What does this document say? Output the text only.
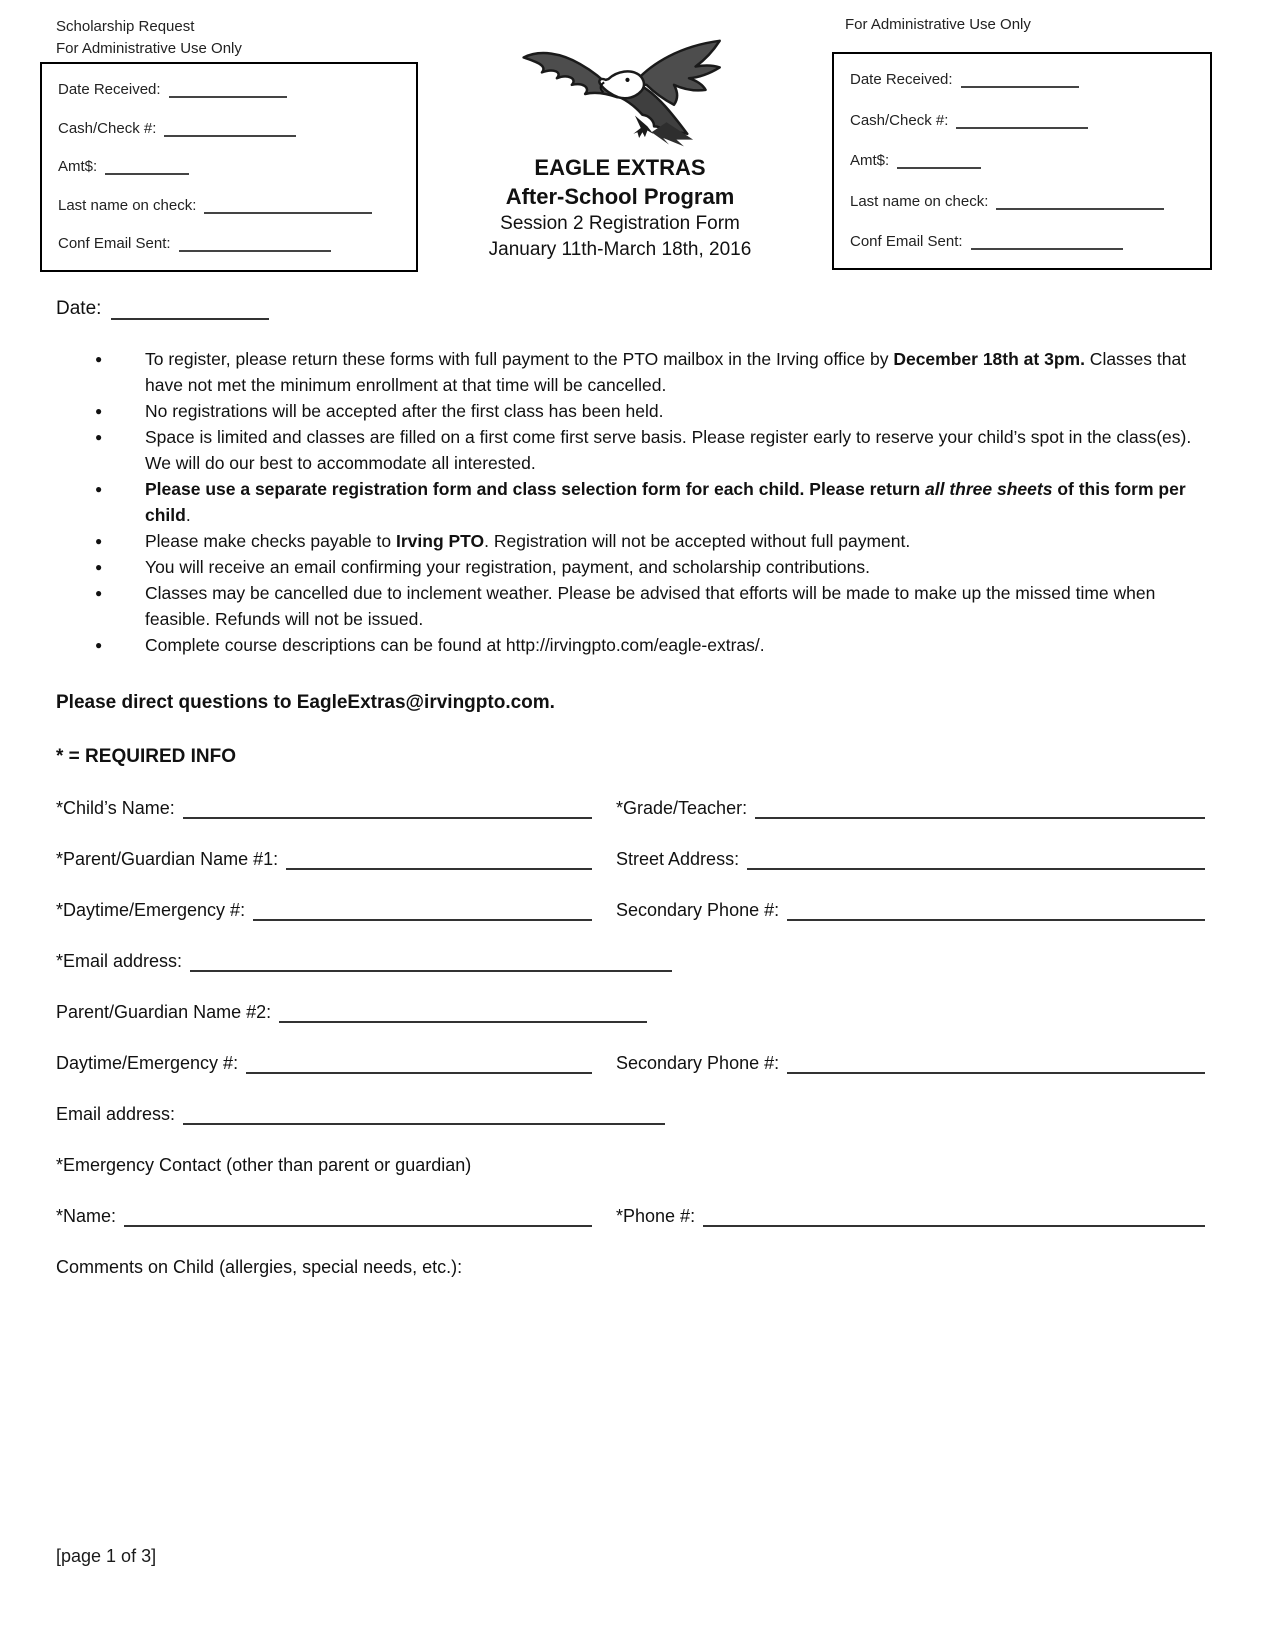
Scholarship Request
For Administrative Use Only
Date Received:
Cash/Check #:
Amt$:
Last name on check:
Conf Email Sent:
EAGLE EXTRAS
After-School Program
Session 2 Registration Form
January 11th-March 18th, 2016
For Administrative Use Only
Date Received:
Cash/Check #:
Amt$:
Last name on check:
Conf Email Sent:
Date:
● To register, please return these forms with full payment to the PTO mailbox in the Irving office by December 18th at 3pm. Classes that have not met the minimum enrollment at that time will be cancelled.
● No registrations will be accepted after the first class has been held.
● Space is limited and classes are filled on a first come first serve basis. Please register early to reserve your child’s spot in the class(es). We will do our best to accommodate all interested.
● Please use a separate registration form and class selection form for each child. Please return all three sheets of this form per child.
● Please make checks payable to Irving PTO. Registration will not be accepted without full payment.
● You will receive an email confirming your registration, payment, and scholarship contributions.
● Classes may be cancelled due to inclement weather. Please be advised that efforts will be made to make up the missed time when feasible. Refunds will not be issued.
● Complete course descriptions can be found at http://irvingpto.com/eagle-extras/.
Please direct questions to EagleExtras@irvingpto.com.
* = REQUIRED INFO
*Child’s Name:	*Grade/Teacher:
*Parent/Guardian Name #1:	Street Address:
*Daytime/Emergency #:	Secondary Phone #:
*Email address:
Parent/Guardian Name #2:
Daytime/Emergency #:	Secondary Phone #:
Email address:
*Emergency Contact (other than parent or guardian)
*Name:	*Phone #:
Comments on Child (allergies, special needs, etc.):
[page 1 of 3]
